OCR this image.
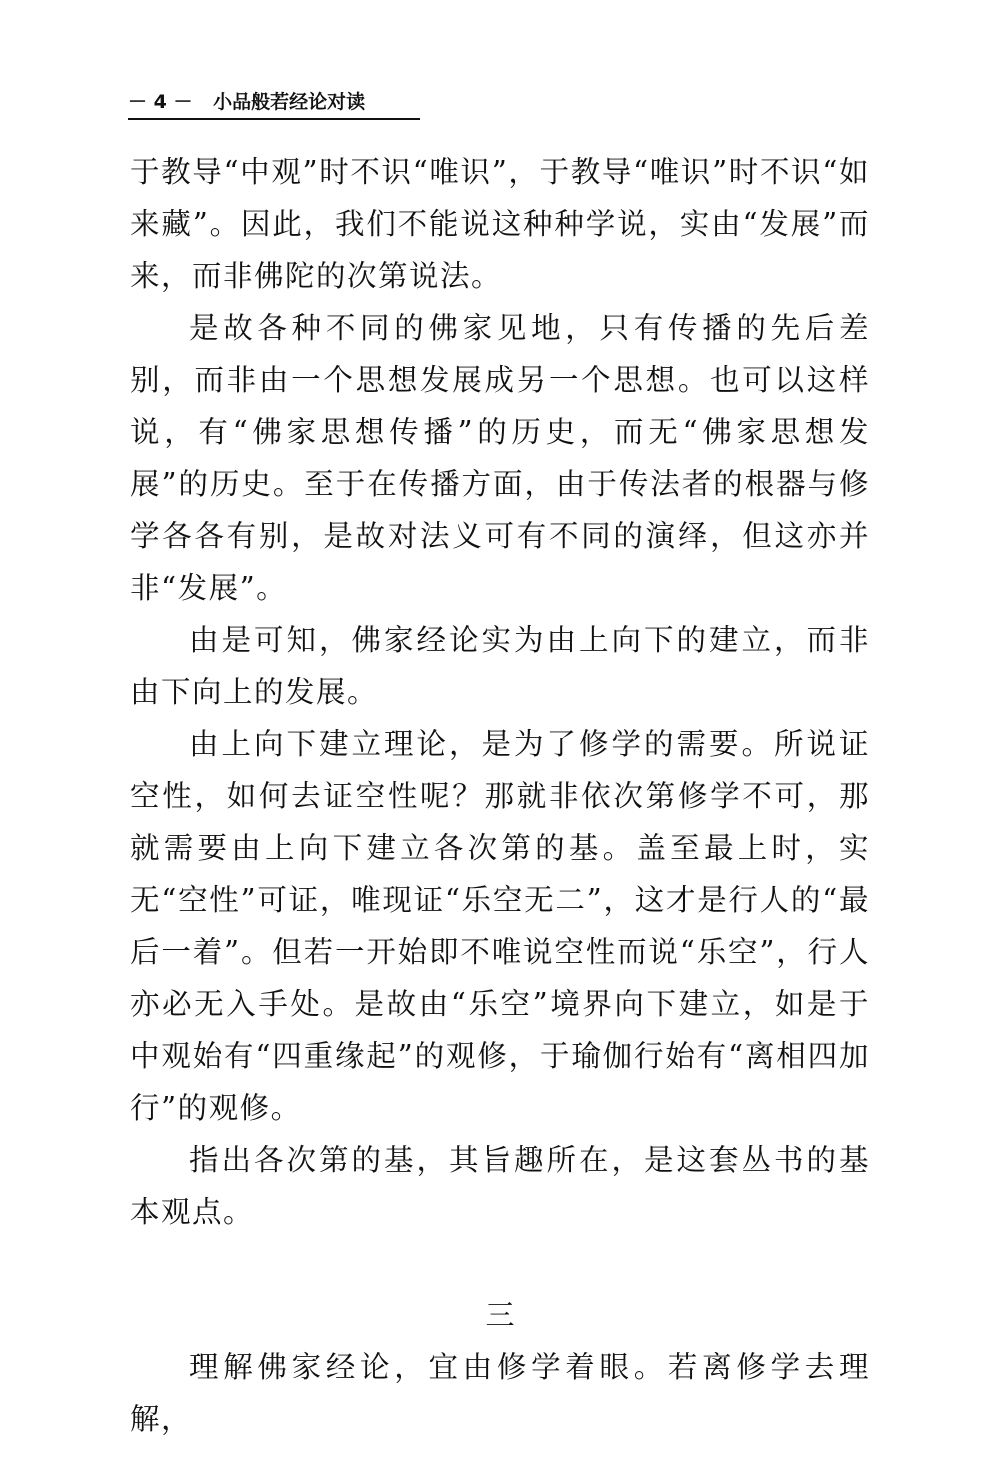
－ 4 － 小品般若经论对读

于教导“中观”时不识“唯识”，于教导“唯识”时不识“如来藏”。因此，我们不能说这种种学说，实由“发展”而来，而非佛陀的次第说法。

是故各种不同的佛家见地，只有传播的先后差别，而非由一个思想发展成另一个思想。也可以这样说，有“佛家思想传播”的历史，而无“佛家思想发展”的历史。至于在传播方面，由于传法者的根器与修学各各有别，是故对法义可有不同的演绎，但这亦并非“发展”。

由是可知，佛家经论实为由上向下的建立，而非由下向上的发展。

由上向下建立理论，是为了修学的需要。所说证空性，如何去证空性呢？那就非依次第修学不可，那就需要由上向下建立各次第的基。盖至最上时，实无“空性”可证，唯现证“乐空无二”，这才是行人的“最后一着”。但若一开始即不唯说空性而说“乐空”，行人亦必无入手处。是故由“乐空”境界向下建立，如是于中观始有“四重缘起”的观修，于瑜伽行始有“离相四加行”的观修。

指出各次第的基，其旨趣所在，是这套丛书的基本观点。

三

理解佛家经论，宜由修学着眼。若离修学去理解，
